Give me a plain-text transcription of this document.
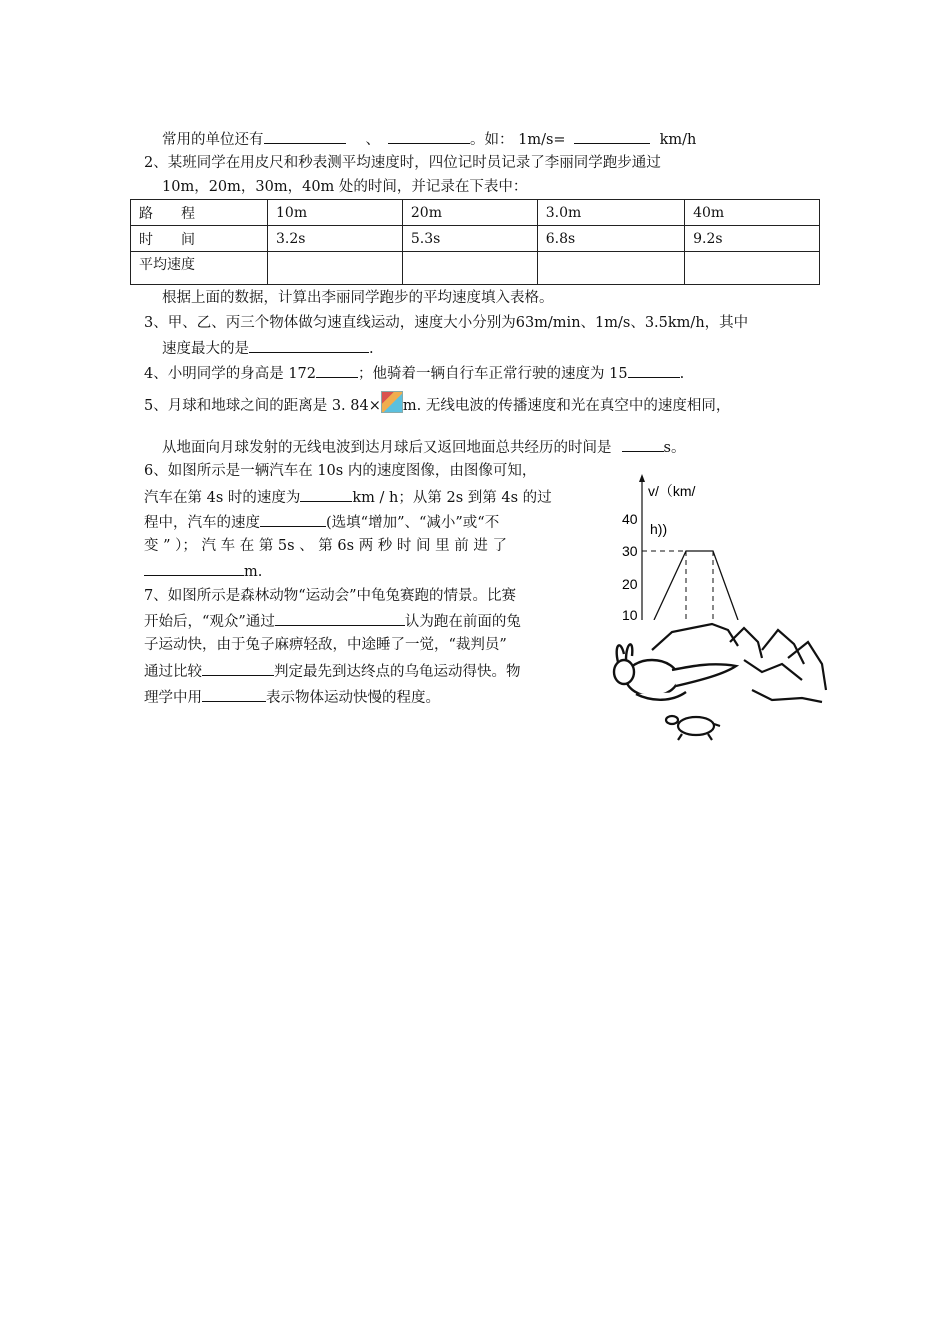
常用的单位还有	、	。如： 1m/s=	km/h
2、某班同学在用皮尺和秒表测平均速度时，四位记时员记录了李丽同学跑步通过
10m，20m，30m，40m 处的时间，并记录在下表中：
路　　程	10m	20m	3.0m	40m
时　　间	3.2s	5.3s	6.8s	9.2s
平均速度				
根据上面的数据，计算出李丽同学跑步的平均速度填入表格。
3、甲、乙、丙三个物体做匀速直线运动，速度大小分别为63m/min、1m/s、3.5km/h，其中
速度最大的是	.
4、小明同学的身高是 172	；他骑着一辆自行车正常行驶的速度为 15	.
5、月球和地球之间的距离是 3. 84× m. 无线电波的传播速度和光在真空中的速度相同，
从地面向月球发射的无线电波到达月球后又返回地面总共经历的时间是	s。
6、如图所示是一辆汽车在 10s 内的速度图像，由图像可知，
汽车在第 4s 时的速度为	km / h；从第 2s 到第 4s 的过
程中，汽车的速度	(选填“增加”、“减小”或“不
变 ” ）； 汽 车 在 第 5s 、 第 6s 两 秒 时 间 里 前 进 了
m.
7、如图所示是森林动物“运动会”中龟兔赛跑的情景。比赛
开始后，“观众”通过	认为跑在前面的兔
子运动快，由于兔子麻痹轻敌，中途睡了一觉，“裁判员”
通过比较	判定最先到达终点的乌龟运动得快。物
理学中用	表示物体运动快慢的程度。
v/（km/
h))
40
30
20
10
